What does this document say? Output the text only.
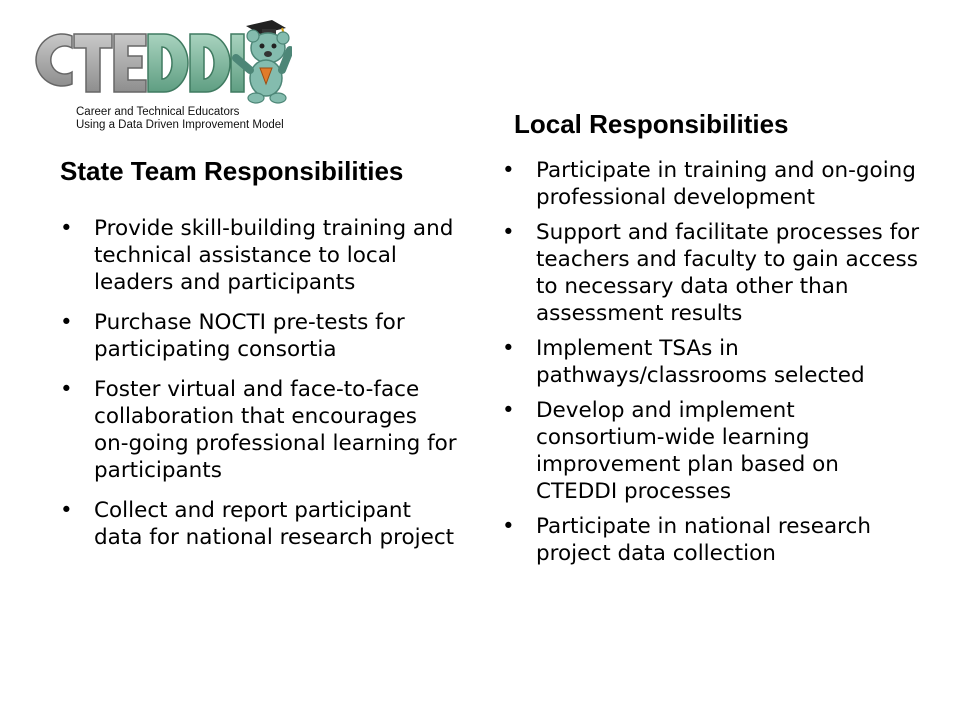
Career and Technical Educators
Using a Data Driven Improvement Model	Local Responsibilities
• Participate in training and on-going professional development
• Support and facilitate processes for teachers and faculty to gain access to necessary data other than assessment results
• Implement TSAs in pathways/classrooms selected
• Develop and implement consortium-wide learning improvement plan based on CTEDDI processes
• Participate in national research project data collection
State Team Responsibilities
• Provide skill-building training and technical assistance to local leaders and participants
• Purchase NOCTI pre-tests for participating consortia
• Foster virtual and face-to-face collaboration that encourages on-going professional learning for participants
• Collect and report participant data for national research project
